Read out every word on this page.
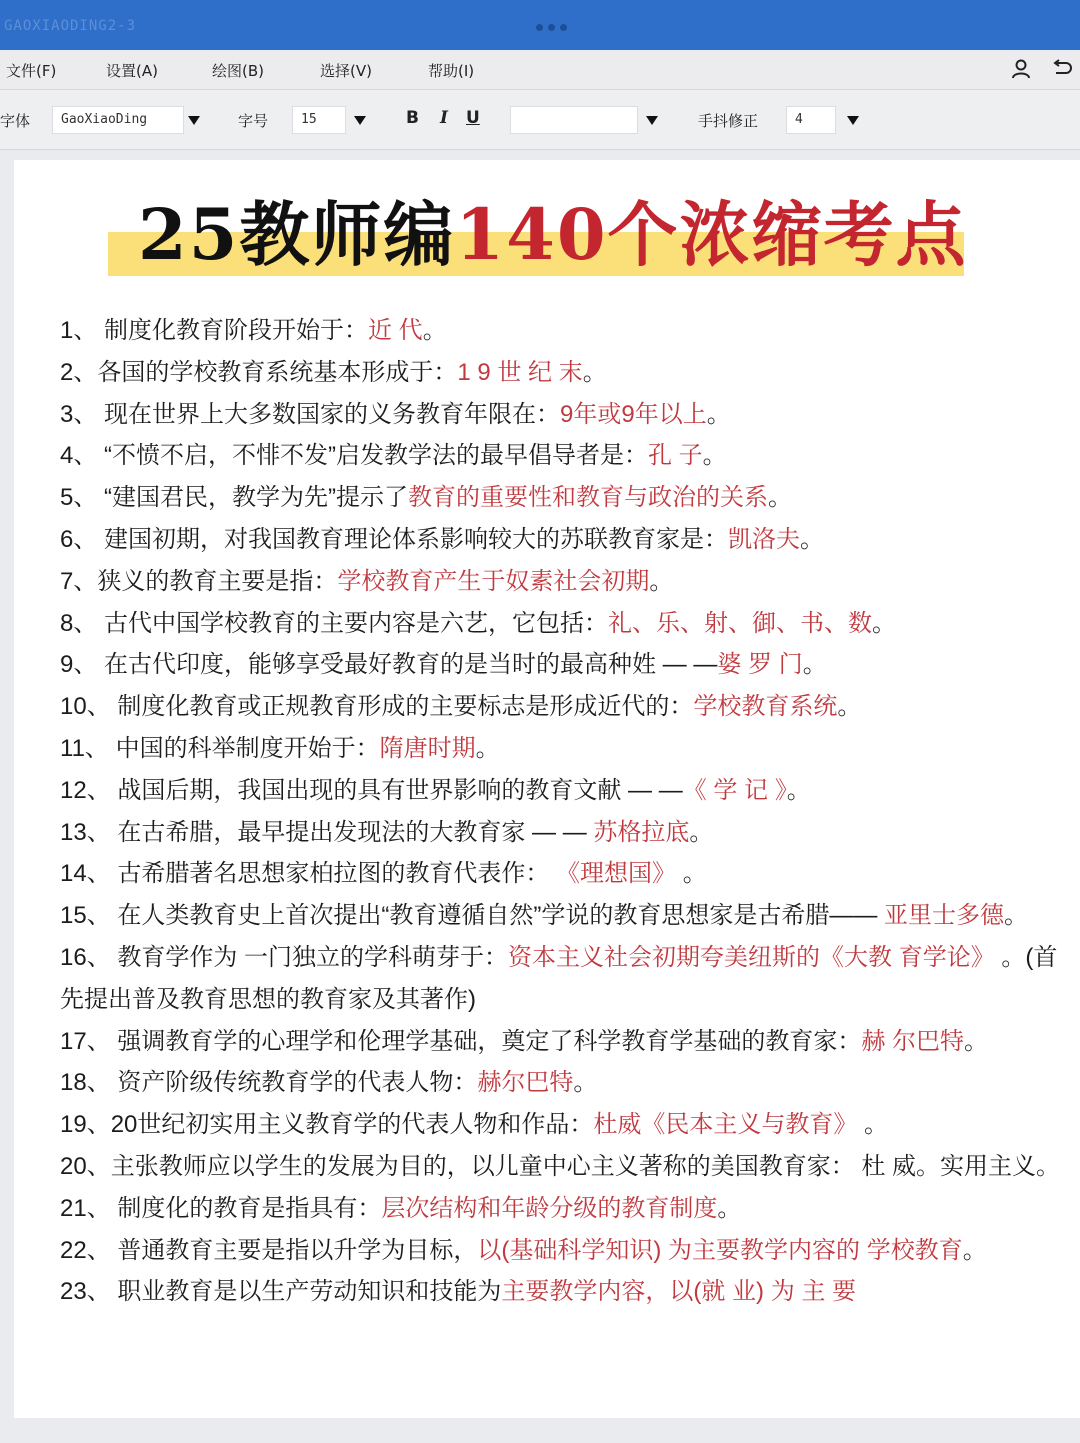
GAOXIAODING2-3
文件(F)	设置(A)	绘图(B)	选择(V)	帮助(I)
字体	GaoXiaoDing	字号	15	B I U	手抖修正	4
25教师编140个浓缩考点
1、 制度化教育阶段开始于：近 代。
2、各国的学校教育系统基本形成于：1 9 世 纪 末。
3、 现在世界上大多数国家的义务教育年限在：9年或9年以上。
4、 “不愤不启，不悱不发”启发教学法的最早倡导者是：孔 子。
5、 “建国君民，教学为先”提示了教育的重要性和教育与政治的关系。
6、 建国初期，对我国教育理论体系影响较大的苏联教育家是：凯洛夫。
7、狭义的教育主要是指：学校教育产生于奴素社会初期。
8、 古代中国学校教育的主要内容是六艺，它包括：礼、乐、射、御、书、数。
9、 在古代印度，能够享受最好教育的是当时的最高种姓 — —婆 罗 门。
10、 制度化教育或正规教育形成的主要标志是形成近代的：学校教育系统。
11、 中国的科举制度开始于：隋唐时期。
12、 战国后期，我国出现的具有世界影响的教育文献 — —《 学 记 》。
13、 在古希腊，最早提出发现法的大教育家 — — 苏格拉底。
14、 古希腊著名思想家柏拉图的教育代表作： 《理想国》 。
15、 在人类教育史上首次提出“教育遵循自然”学说的教育思想家是古希腊—— 亚里士多德。
16、 教育学作为 一门独立的学科萌芽于：资本主义社会初期夸美纽斯的《大教 育学论》 。(首先提出普及教育思想的教育家及其著作)
17、 强调教育学的心理学和伦理学基础，奠定了科学教育学基础的教育家：赫 尔巴特。
18、 资产阶级传统教育学的代表人物：赫尔巴特。
19、20世纪初实用主义教育学的代表人物和作品：杜威《民本主义与教育》 。
20、主张教师应以学生的发展为目的，以儿童中心主义著称的美国教育家： 杜 威。实用主义。
21、 制度化的教育是指具有：层次结构和年龄分级的教育制度。
22、 普通教育主要是指以升学为目标，以(基础科学知识) 为主要教学内容的 学校教育。
23、 职业教育是以生产劳动知识和技能为主要教学内容，以(就 业) 为 主 要
